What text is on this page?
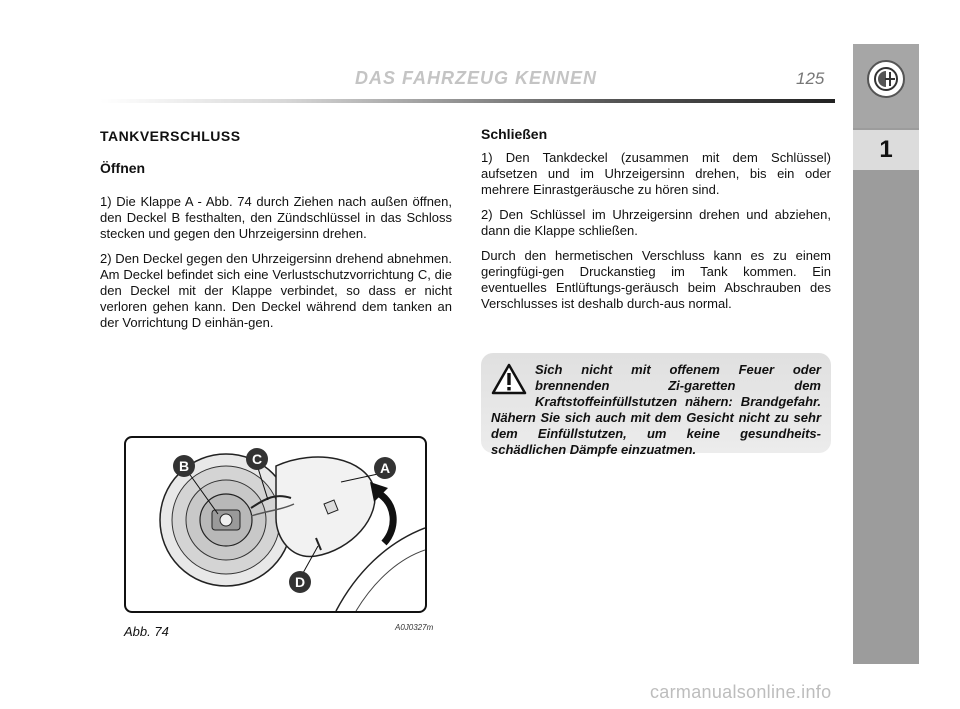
DAS FAHRZEUG KENNEN	125
1
TANKVERSCHLUSS
Öffnen

1) Die Klappe A - Abb. 74 durch Ziehen nach außen öffnen, den Deckel B festhalten, den Zündschlüssel in das Schloss stecken und gegen den Uhrzeigersinn drehen.

2) Den Deckel gegen den Uhrzeigersinn drehend abnehmen. Am Deckel befindet sich eine Verlustschutzvorrichtung C, die den Deckel mit der Klappe verbindet, so dass er nicht verloren gehen kann. Den Deckel während dem tanken an der Vorrichtung D einhän-gen.

Schließen

1) Den Tankdeckel (zusammen mit dem Schlüssel) aufsetzen und im Uhrzeigersinn drehen, bis ein oder mehrere Einrastgeräusche zu hören sind.

2) Den Schlüssel im Uhrzeigersinn drehen und abziehen, dann die Klappe schließen.

Durch den hermetischen Verschluss kann es zu einem geringfügi-gen Druckanstieg im Tank kommen. Ein eventuelles Entlüftungs-geräusch beim Abschrauben des Verschlusses ist deshalb durch-aus normal.

Sich nicht mit offenem Feuer oder brennenden Zi-garetten dem Kraftstoffeinfüllstutzen nähern: Brandgefahr. Nähern Sie sich auch mit dem Gesicht nicht zu sehr dem Einfüllstutzen, um keine gesundheits-schädlichen Dämpfe einzuatmen.
B	C
A
D
Abb. 74	A0J0327m
carmanualsonline.info
